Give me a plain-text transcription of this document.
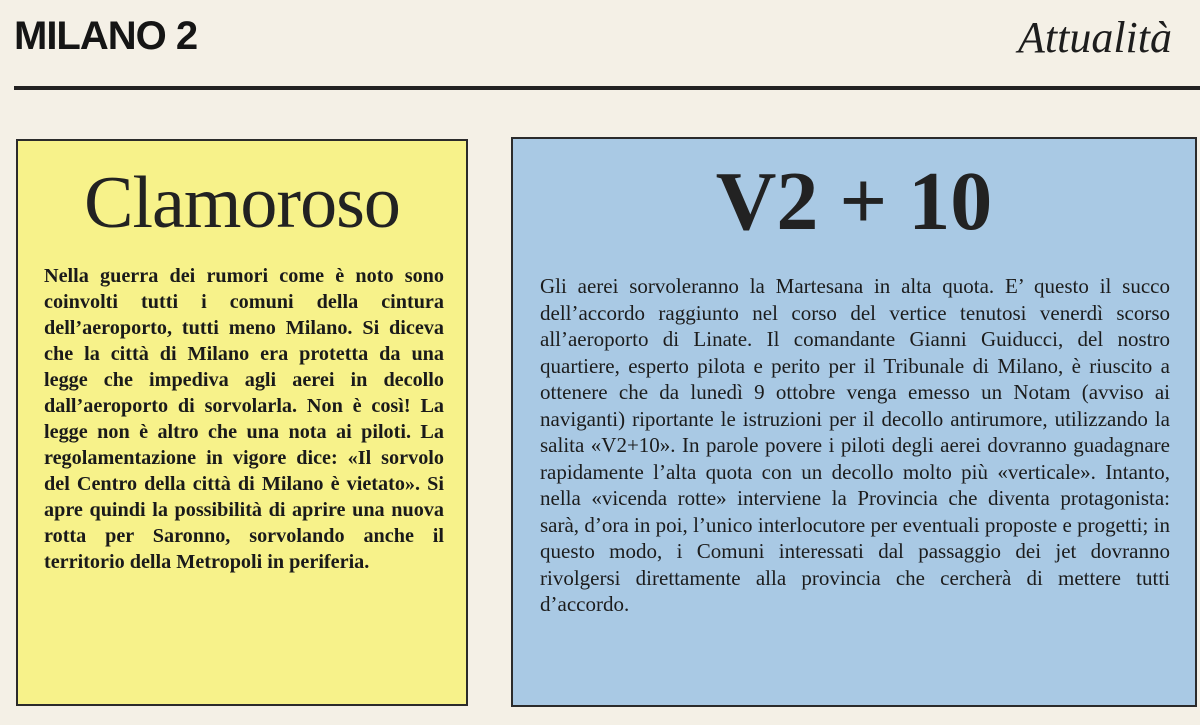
MILANO 2	Attualità
Clamoroso
Nella guerra dei rumori come è noto sono coinvolti tutti i comuni della cintura dell’aeroporto, tutti meno Milano. Si diceva che la città di Milano era protetta da una legge che impediva agli aerei in decollo dall’aeroporto di sorvolarla. Non è così! La legge non è altro che una nota ai piloti. La regolamentazione in vigore dice: «Il sorvolo del Centro della città di Milano è vietato». Si apre quindi la possibilità di aprire una nuova rotta per Saronno, sorvolando anche il territorio della Metropoli in periferia.
V2 + 10
Gli aerei sorvoleranno la Martesana in alta quota. E’ questo il succo dell’accordo raggiunto nel corso del vertice tenutosi venerdì scorso all’aeroporto di Linate. Il comandante Gianni Guiducci, del nostro quartiere, esperto pilota e perito per il Tribunale di Milano, è riuscito a ottenere che da lunedì 9 ottobre venga emesso un Notam (avviso ai naviganti) riportante le istruzioni per il decollo antirumore, utilizzando la salita «V2+10». In parole povere i piloti degli aerei dovranno guadagnare rapidamente l’alta quota con un decollo molto più «verticale». Intanto, nella «vicenda rotte» interviene la Provincia che diventa protagonista: sarà, d’ora in poi, l’unico interlocutore per eventuali proposte e progetti; in questo modo, i Comuni interessati dal passaggio dei jet dovranno rivolgersi direttamente alla provincia che cercherà di mettere tutti d’accordo.
